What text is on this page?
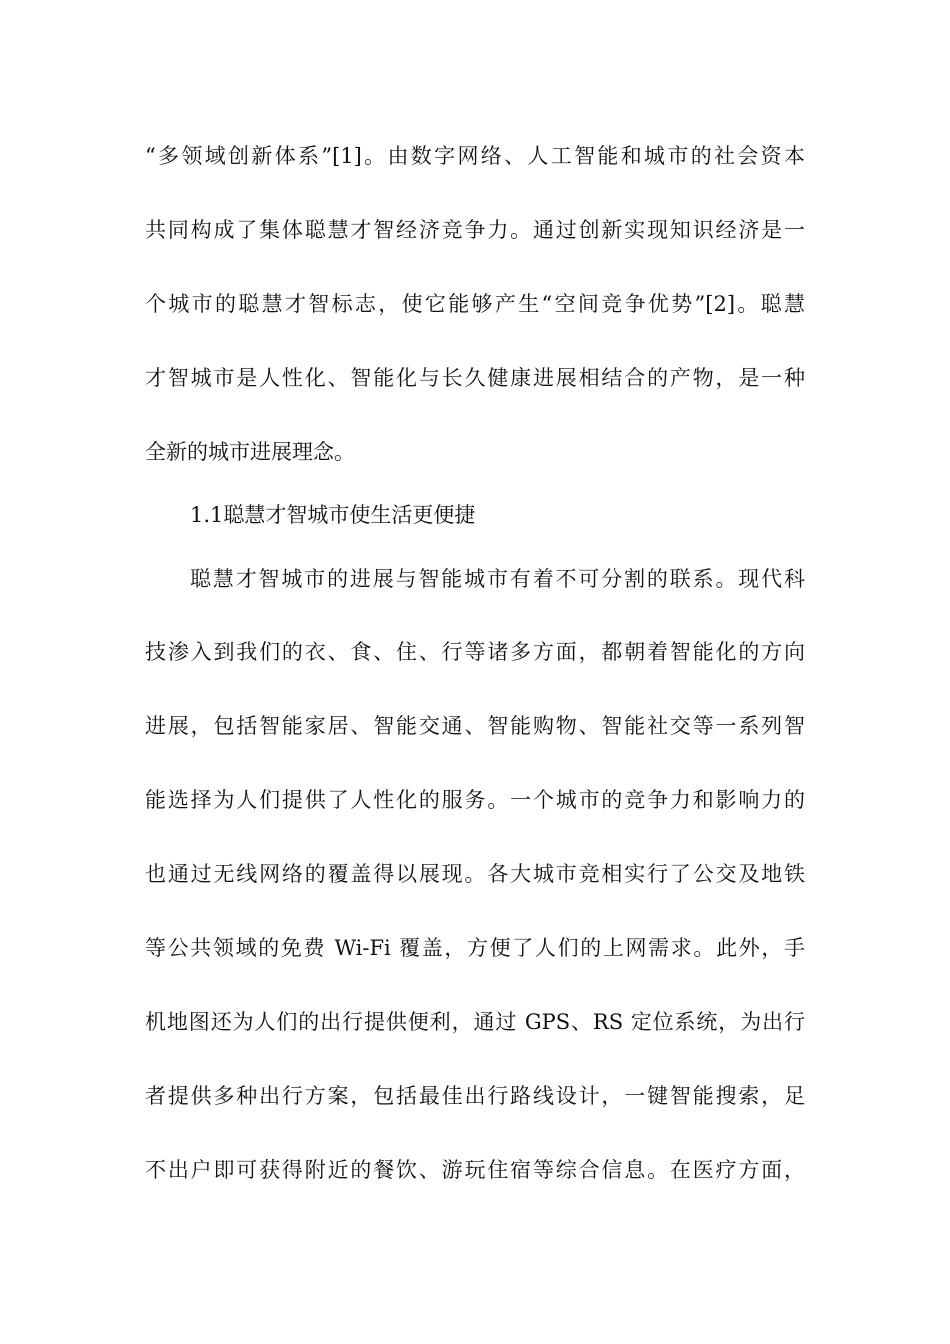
“多领域创新体系”[1]。由数字网络、人工智能和城市的社会资本
共同构成了集体聪慧才智经济竞争力。通过创新实现知识经济是一
个城市的聪慧才智标志，使它能够产生“空间竞争优势”[2]。聪慧
才智城市是人性化、智能化与长久健康进展相结合的产物，是一种
全新的城市进展理念。
1.1聪慧才智城市使生活更便捷
聪慧才智城市的进展与智能城市有着不可分割的联系。现代科
技渗入到我们的衣、食、住、行等诸多方面，都朝着智能化的方向
进展，包括智能家居、智能交通、智能购物、智能社交等一系列智
能选择为人们提供了人性化的服务。一个城市的竞争力和影响力的
也通过无线网络的覆盖得以展现。各大城市竞相实行了公交及地铁
等公共领域的免费 Wi-Fi 覆盖，方便了人们的上网需求。此外，手
机地图还为人们的出行提供便利，通过 GPS、RS 定位系统，为出行
者提供多种出行方案，包括最佳出行路线设计，一键智能搜索，足
不出户即可获得附近的餐饮、游玩住宿等综合信息。在医疗方面，
